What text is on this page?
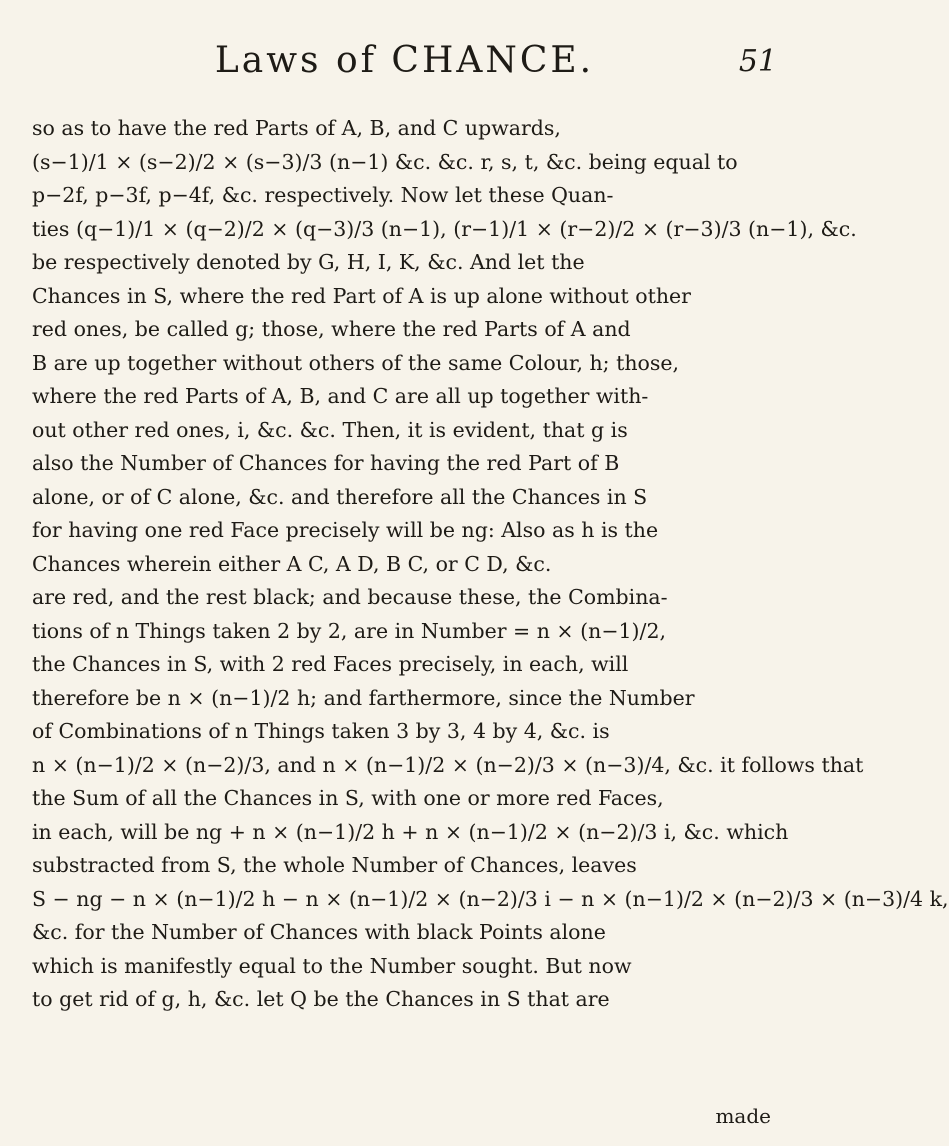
Laws of CHANCE.	51
so as to have the red Parts of A, B, and C upwards,
(s−1)/1 × (s−2)/2 × (s−3)/3 (n−1) &c. &c. r, s, t, &c. being equal to
p−2f, p−3f, p−4f, &c. respectively. Now let these Quan-
ties (q−1)/1 × (q−2)/2 × (q−3)/3 (n−1), (r−1)/1 × (r−2)/2 × (r−3)/3 (n−1), &c.
be respectively denoted by G, H, I, K, &c. And let the
Chances in S, where the red Part of A is up alone without other
red ones, be called g; those, where the red Parts of A and
B are up together without others of the same Colour, h; those,
where the red Parts of A, B, and C are all up together with-
out other red ones, i, &c. &c. Then, it is evident, that g is
also the Number of Chances for having the red Part of B
alone, or of C alone, &c. and therefore all the Chances in S
for having one red Face precisely will be ng: Also as h is the
Chances wherein either A C, A D, B C, or C D, &c.
are red, and the rest black; and because these, the Combina-
tions of n Things taken 2 by 2, are in Number = n × (n−1)/2,
the Chances in S, with 2 red Faces precisely, in each, will
therefore be n × (n−1)/2 h; and farthermore, since the Number
of Combinations of n Things taken 3 by 3, 4 by 4, &c. is
n × (n−1)/2 × (n−2)/3, and n × (n−1)/2 × (n−2)/3 × (n−3)/4, &c. it follows that
the Sum of all the Chances in S, with one or more red Faces,
in each, will be ng + n × (n−1)/2 h + n × (n−1)/2 × (n−2)/3 i, &c. which
substracted from S, the whole Number of Chances, leaves
S − ng − n × (n−1)/2 h − n × (n−1)/2 × (n−2)/3 i − n × (n−1)/2 × (n−2)/3 × (n−3)/4 k,
&c. for the Number of Chances with black Points alone
which is manifestly equal to the Number sought. But now
to get rid of g, h, &c. let Q be the Chances in S that are
made
